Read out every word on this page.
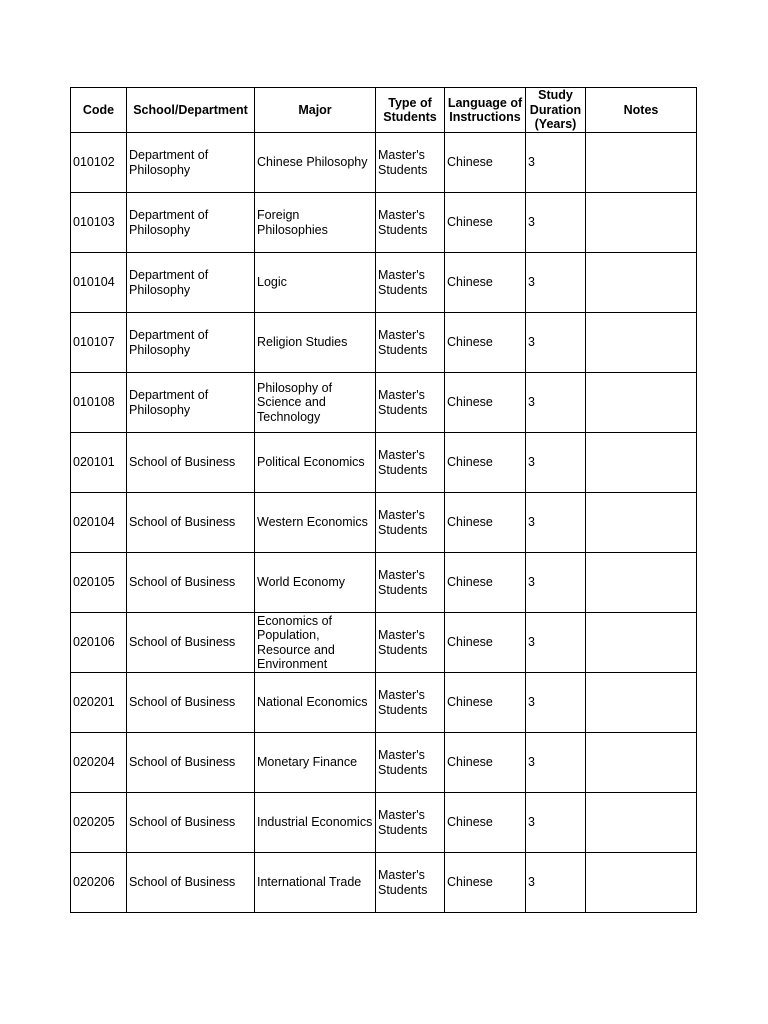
Code	School/Department	Major	Type of Students	Language of Instructions	Study Duration (Years)	Notes
010102	Department of Philosophy	Chinese Philosophy	Master's Students	Chinese	3	
010103	Department of Philosophy	Foreign Philosophies	Master's Students	Chinese	3	
010104	Department of Philosophy	Logic	Master's Students	Chinese	3	
010107	Department of Philosophy	Religion Studies	Master's Students	Chinese	3	
010108	Department of Philosophy	Philosophy of Science and Technology	Master's Students	Chinese	3	
020101	School of Business	Political Economics	Master's Students	Chinese	3	
020104	School of Business	Western Economics	Master's Students	Chinese	3	
020105	School of Business	World Economy	Master's Students	Chinese	3	
020106	School of Business	Economics of Population, Resource and Environment	Master's Students	Chinese	3	
020201	School of Business	National Economics	Master's Students	Chinese	3	
020204	School of Business	Monetary Finance	Master's Students	Chinese	3	
020205	School of Business	Industrial Economics	Master's Students	Chinese	3	
020206	School of Business	International Trade	Master's Students	Chinese	3	
